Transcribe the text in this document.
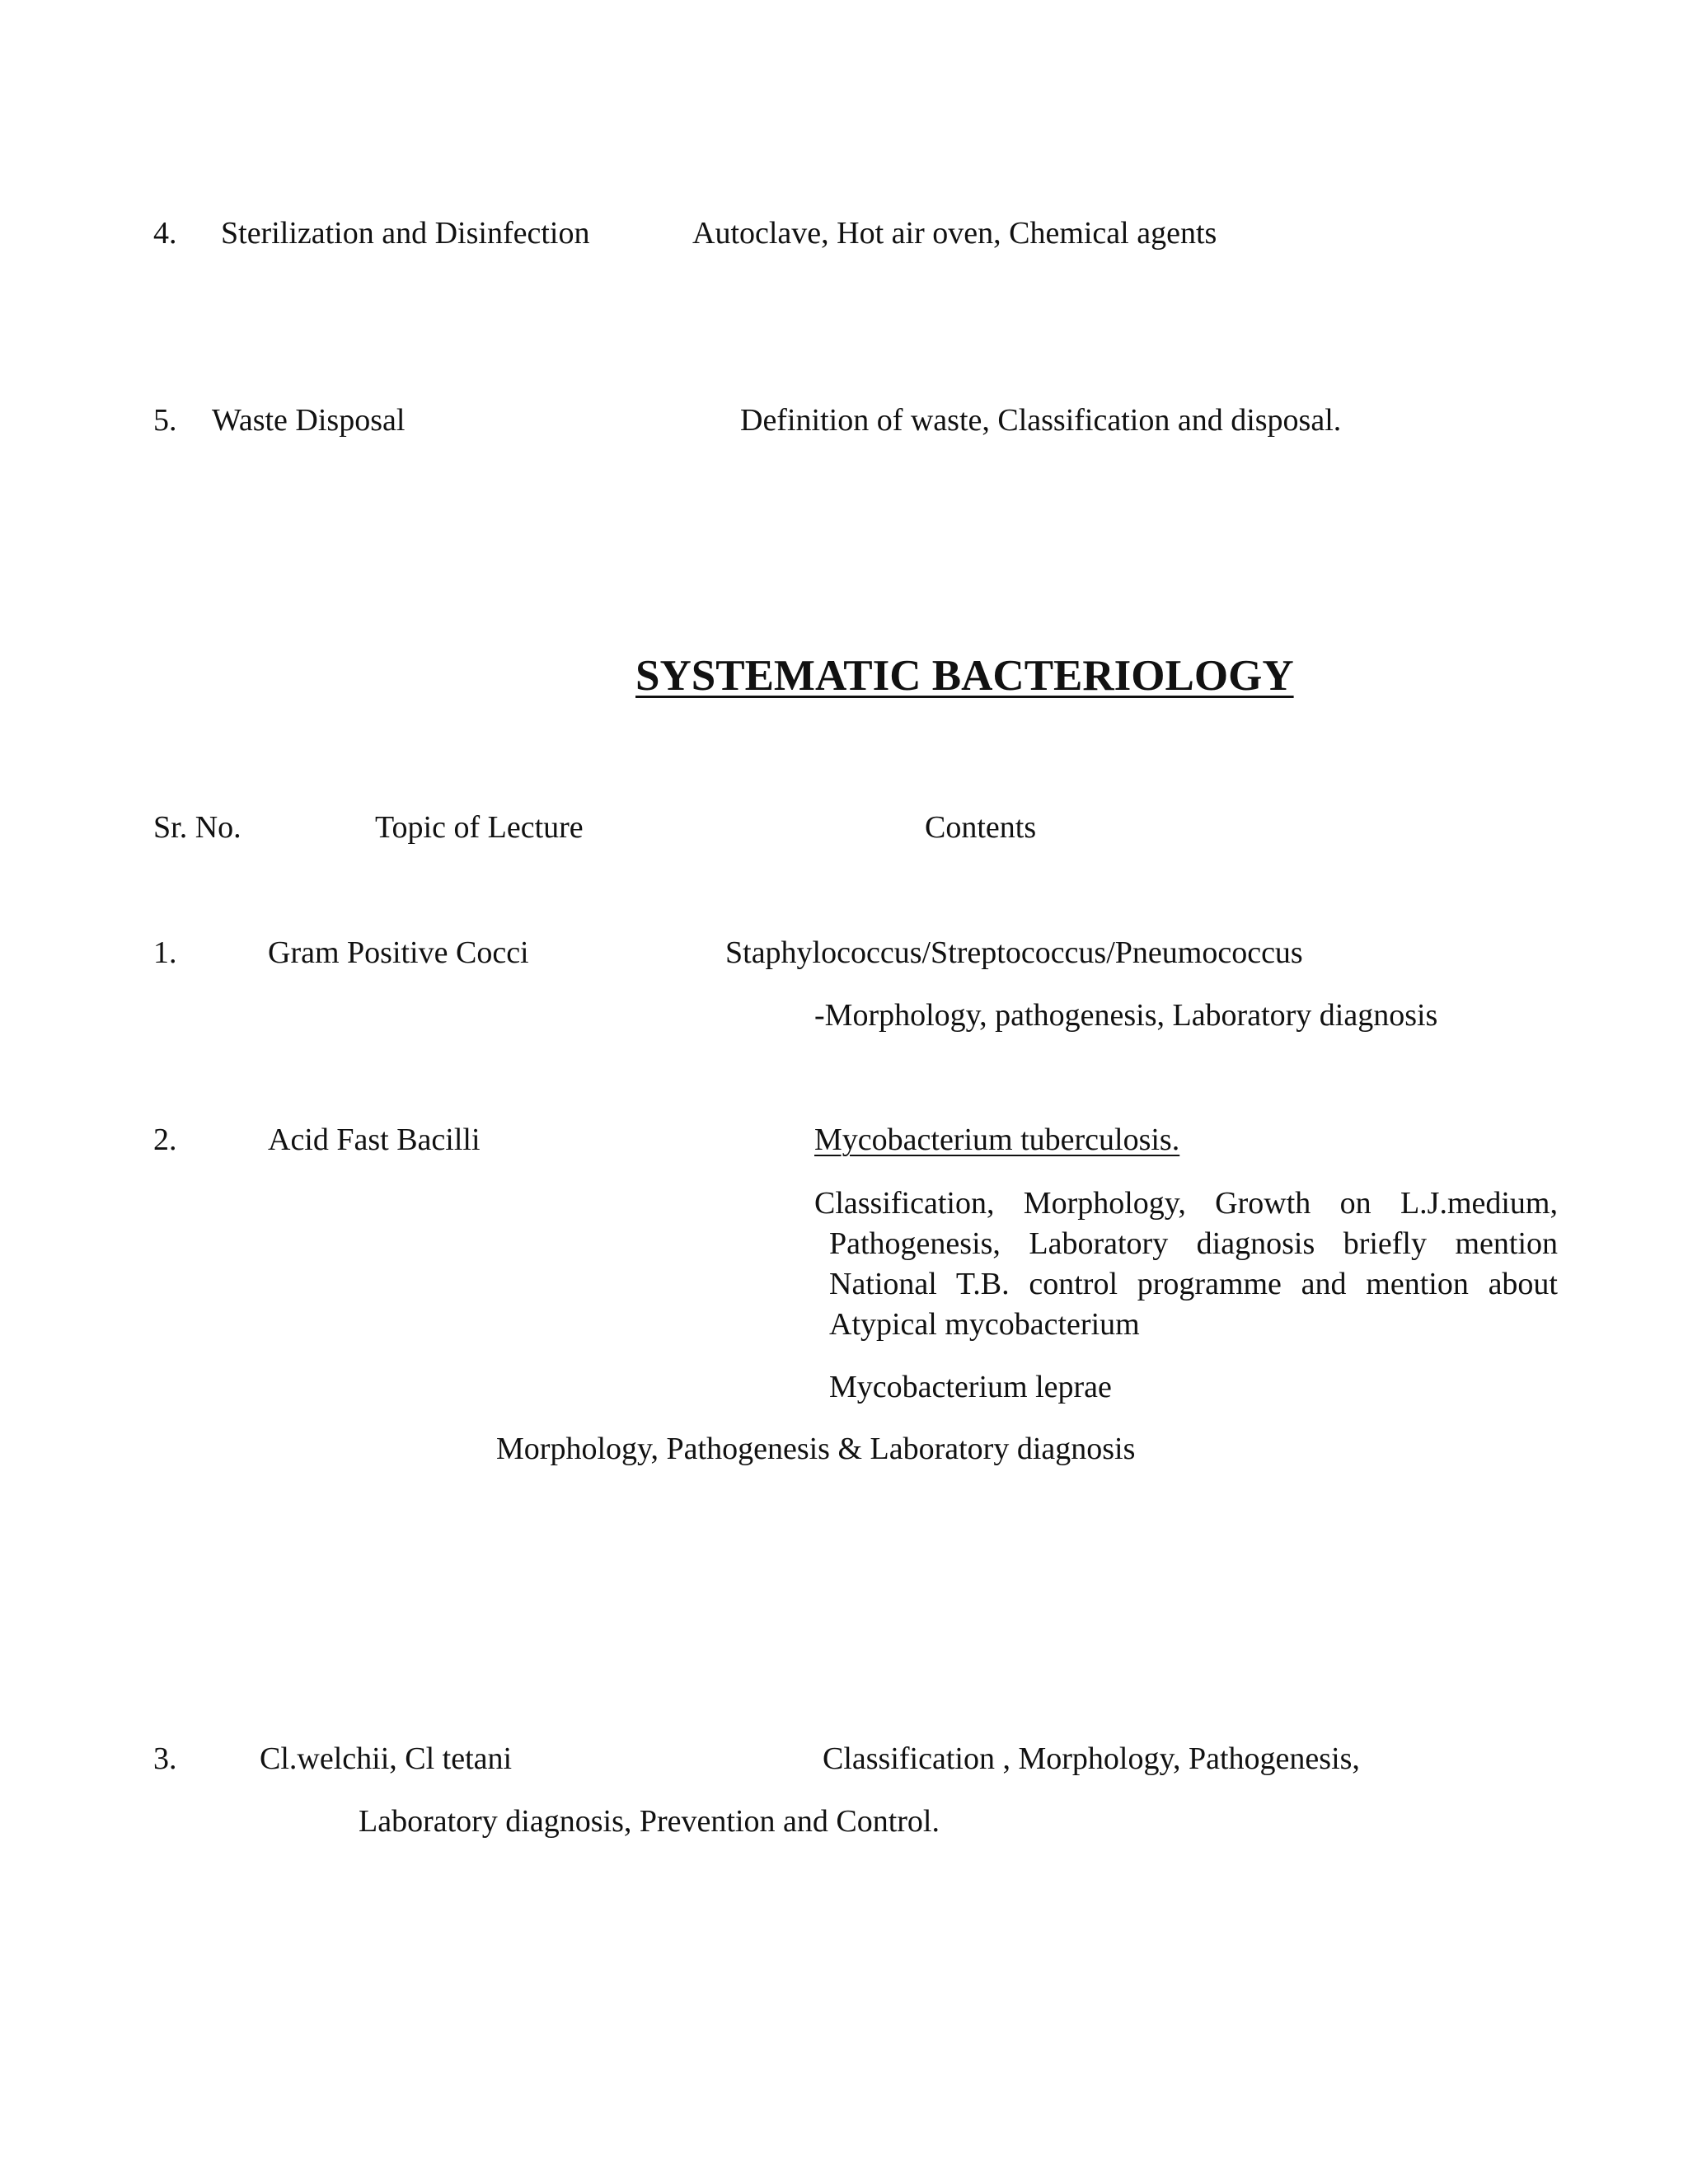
4. Sterilization and Disinfection	Autoclave, Hot air oven, Chemical agents
5. Waste Disposal	Definition of waste, Classification and disposal.
SYSTEMATIC BACTERIOLOGY
Sr. No.	Topic of Lecture	Contents
1.	Gram Positive Cocci	Staphylococcus/Streptococcus/Pneumococcus
-Morphology, pathogenesis, Laboratory diagnosis
2.	Acid Fast Bacilli	Mycobacterium tuberculosis.
Classification, Morphology, Growth on L.J.medium,
Pathogenesis, Laboratory diagnosis briefly mention
National T.B. control programme and mention about
Atypical mycobacterium
Mycobacterium leprae
Morphology, Pathogenesis & Laboratory diagnosis
3.	Cl.welchii, Cl tetani	Classification , Morphology, Pathogenesis,
Laboratory diagnosis, Prevention and Control.
